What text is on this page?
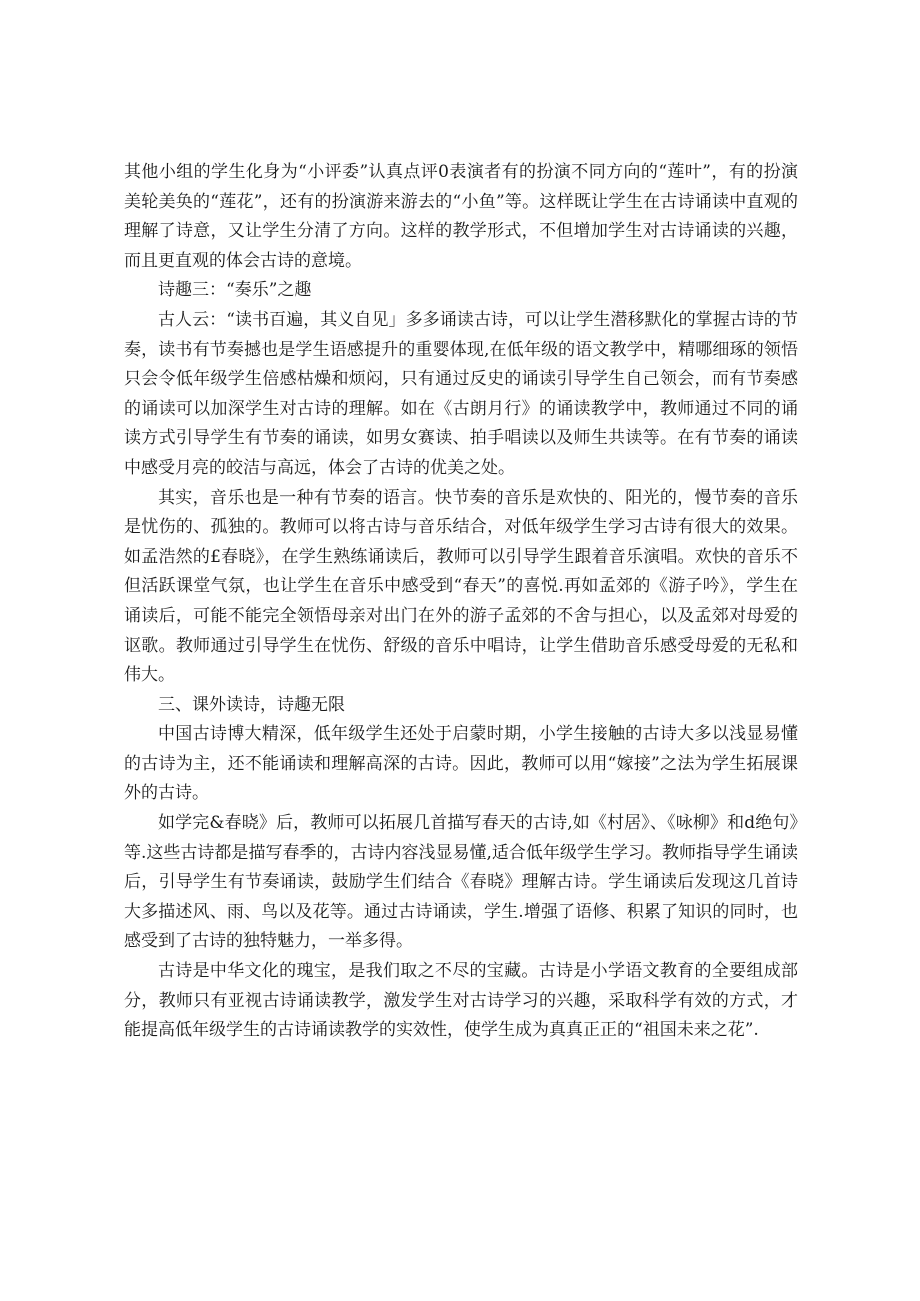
其他小组的学生化身为“小评委”认真点评0表演者有的扮演不同方向的“莲叶”，有的扮演美轮美奂的“莲花”，还有的扮演游来游去的“小鱼”等。这样既让学生在古诗诵读中直观的理解了诗意，又让学生分清了方向。这样的教学形式，不但增加学生对古诗诵读的兴趣，而且更直观的体会古诗的意境。

诗趣三：“奏乐”之趣

古人云：“读书百遍，其义自见」多多诵读古诗，可以让学生潜移默化的掌握古诗的节奏，读书有节奏撼也是学生语感提升的重婴体现,在低年级的语文教学中，精哪细琢的领悟只会令低年级学生倍感枯燥和烦闷，只有通过反史的诵读引导学生自己领会，而有节奏感的诵读可以加深学生对古诗的理解。如在《古朗月行》的诵读教学中，教师通过不同的诵读方式引导学生有节奏的诵读，如男女赛读、拍手唱读以及师生共读等。在有节奏的诵读中感受月亮的皎洁与高远，体会了古诗的优美之处。

其实，音乐也是一种有节奏的语言。快节奏的音乐是欢快的、阳光的，慢节奏的音乐是忧伤的、孤独的。教师可以将古诗与音乐结合，对低年级学生学习古诗有很大的效果。如孟浩然的£春晓》，在学生熟练诵读后，教师可以引导学生跟着音乐演唱。欢快的音乐不但活跃课堂气氛，也让学生在音乐中感受到“春天”的喜悦.再如孟郊的《游子吟》，学生在诵读后，可能不能完全领悟母亲对出门在外的游子孟郊的不舍与担心，以及孟郊对母爱的讴歌。教师通过引导学生在忧伤、舒级的音乐中唱诗，让学生借助音乐感受母爱的无私和伟大。

三、课外读诗，诗趣无限

中国古诗博大精深，低年级学生还处于启蒙时期，小学生接触的古诗大多以浅显易懂的古诗为主，还不能诵读和理解高深的古诗。因此，教师可以用“嫁接”之法为学生拓展课外的古诗。

如学完&春晓》后，教师可以拓展几首描写春天的古诗,如《村居》、《咏柳》和d绝句》等.这些古诗都是描写春季的，古诗内容浅显易懂,适合低年级学生学习。教师指导学生诵读后，引导学生有节奏诵读，鼓励学生们结合《春晓》理解古诗。学生诵读后发现这几首诗大多描述风、雨、鸟以及花等。通过古诗诵读，学生.增强了语修、积累了知识的同时，也感受到了古诗的独特魅力，一举多得。

古诗是中华文化的瑰宝，是我们取之不尽的宝藏。古诗是小学语文教育的全要组成部分，教师只有亚视古诗诵读教学，激发学生对古诗学习的兴趣，采取科学有效的方式，才能提高低年级学生的古诗诵读教学的实效性，使学生成为真真正正的“祖国未来之花”.
